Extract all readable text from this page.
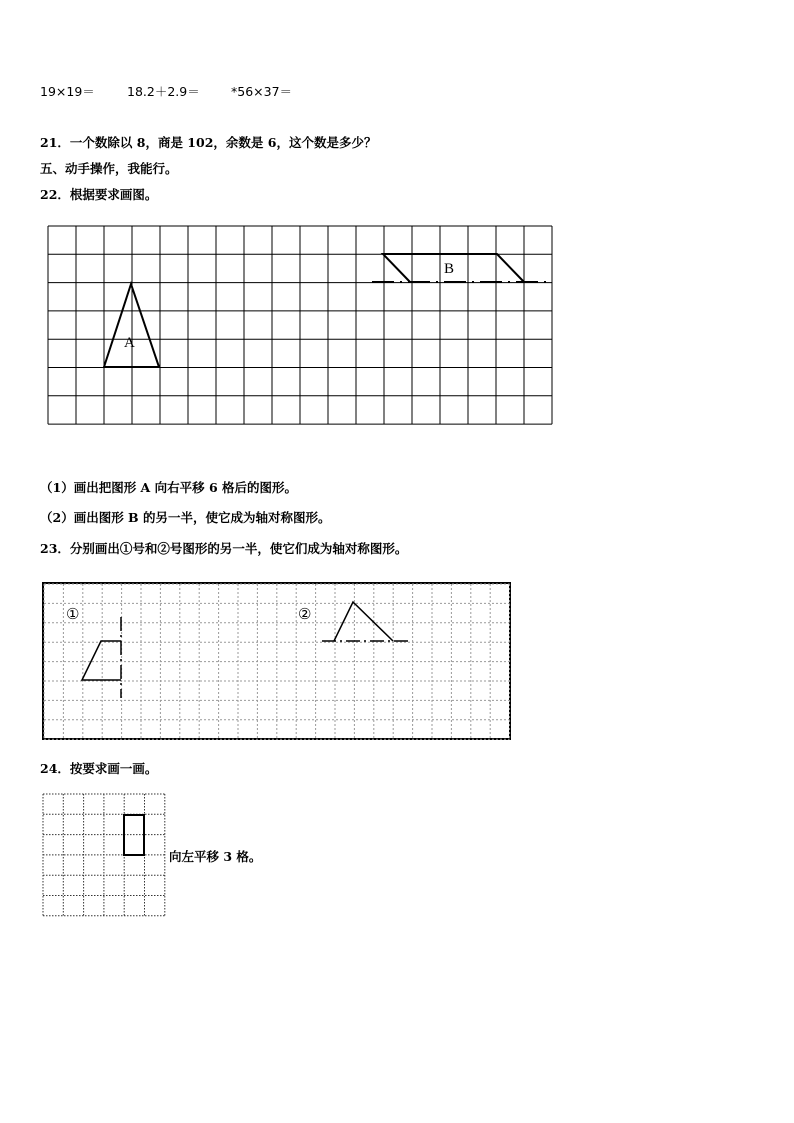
19×19＝	18.2＋2.9＝	*56×37＝
21．一个数除以 8，商是 102，余数是 6，这个数是多少？
五、动手操作，我能行。
22．根据要求画图。
A
B
①	②
（1）画出把图形 A 向右平移 6 格后的图形。
（2）画出图形 B 的另一半，使它成为轴对称图形。
23．分别画出①号和②号图形的另一半，使它们成为轴对称图形。
24．按要求画一画。
向左平移 3 格。
